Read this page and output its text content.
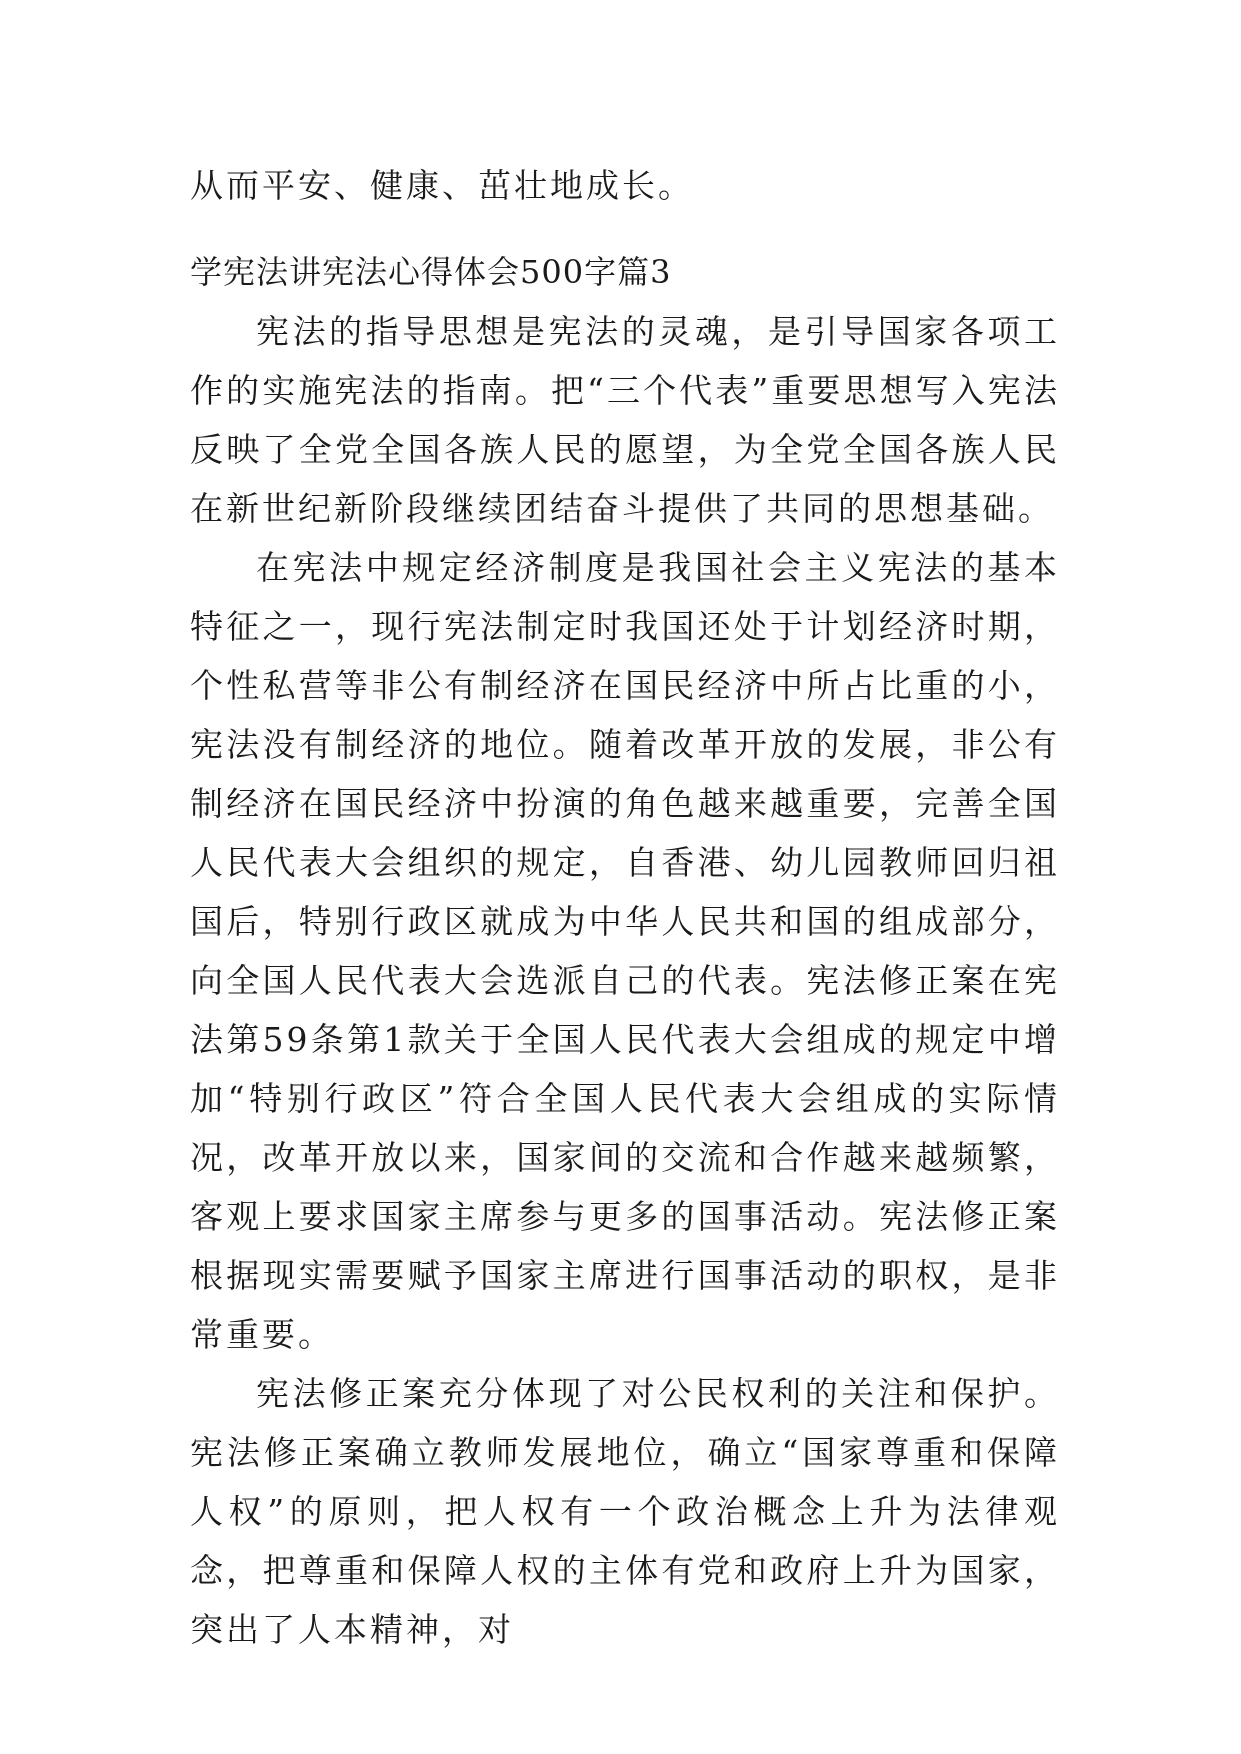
从而平安、健康、茁壮地成长。

学宪法讲宪法心得体会500字篇3

宪法的指导思想是宪法的灵魂，是引导国家各项工作的实施宪法的指南。把“三个代表”重要思想写入宪法反映了全党全国各族人民的愿望，为全党全国各族人民在新世纪新阶段继续团结奋斗提供了共同的思想基础。

在宪法中规定经济制度是我国社会主义宪法的基本特征之一，现行宪法制定时我国还处于计划经济时期，个性私营等非公有制经济在国民经济中所占比重的小，宪法没有制经济的地位。随着改革开放的发展，非公有制经济在国民经济中扮演的角色越来越重要，完善全国人民代表大会组织的规定，自香港、幼儿园教师回归祖国后，特别行政区就成为中华人民共和国的组成部分，向全国人民代表大会选派自己的代表。宪法修正案在宪法第59条第1款关于全国人民代表大会组成的规定中增加“特别行政区”符合全国人民代表大会组成的实际情况，改革开放以来，国家间的交流和合作越来越频繁，客观上要求国家主席参与更多的国事活动。宪法修正案根据现实需要赋予国家主席进行国事活动的职权，是非常重要。

宪法修正案充分体现了对公民权利的关注和保护。宪法修正案确立教师发展地位，确立“国家尊重和保障人权”的原则，把人权有一个政治概念上升为法律观念，把尊重和保障人权的主体有党和政府上升为国家，突出了人本精神，对
